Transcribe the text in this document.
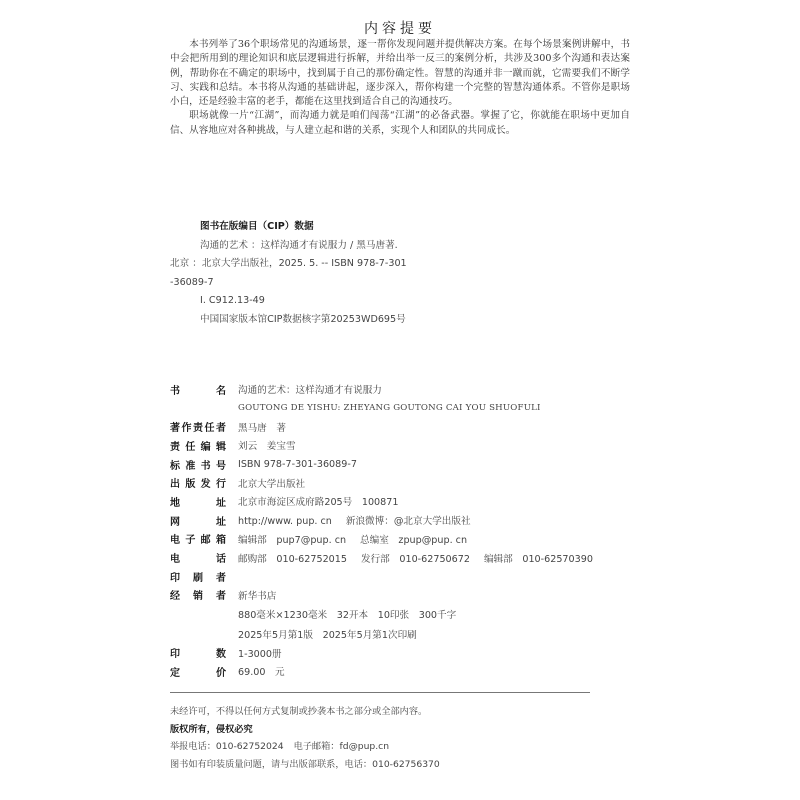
内容提要

本书列举了36个职场常见的沟通场景，逐一帮你发现问题并提供解决方案。在每个场景案例讲解中，书中会把所用到的理论知识和底层逻辑进行拆解，并给出举一反三的案例分析，共涉及300多个沟通和表达案例，帮助你在不确定的职场中，找到属于自己的那份确定性。智慧的沟通并非一蹴而就，它需要我们不断学习、实践和总结。本书将从沟通的基础讲起，逐步深入，帮你构建一个完整的智慧沟通体系。不管你是职场小白，还是经验丰富的老手，都能在这里找到适合自己的沟通技巧。

职场就像一片“江湖”，而沟通力就是咱们闯荡“江湖”的必备武器。掌握了它，你就能在职场中更加自信、从容地应对各种挑战，与人建立起和谐的关系，实现个人和团队的共同成长。

图书在版编目（CIP）数据
沟通的艺术 ：这样沟通才有说服力 / 黑马唐著.
北京 ：北京大学出版社，2025. 5. -- ISBN 978-7-301
-36089-7
Ⅰ. C912.13-49
中国国家版本馆CIP数据核字第20253WD695号
书	名 沟通的艺术：这样沟通才有说服力
GOUTONG DE YISHU: ZHEYANG GOUTONG CAI YOU SHUOFULI
著 作 责 任 者 黑马唐　著
责 任 编 辑 刘云　姜宝雪
标 准 书 号 ISBN 978-7-301-36089-7
出 版 发 行 北京大学出版社
地	址 北京市海淀区成府路205号　100871
网	址 http://www. pup. cn 新浪微博：@北京大学出版社
电 子 邮 箱 编辑部　pup7@pup. cn 总编室　zpup@pup. cn
电	话 邮购部　010-62752015 发行部　010-62750672 编辑部　010-62570390
印 刷 者
经 销 者 新华书店
880毫米×1230毫米　32开本　10印张　300千字
2025年5月第1版　2025年5月第1次印刷
印	数 1-3000册
定	价 69.00　元
未经许可，不得以任何方式复制或抄袭本书之部分或全部内容。
版权所有，侵权必究
举报电话：010-62752024 电子邮箱：fd@pup.cn
图书如有印装质量问题，请与出版部联系，电话：010-62756370
